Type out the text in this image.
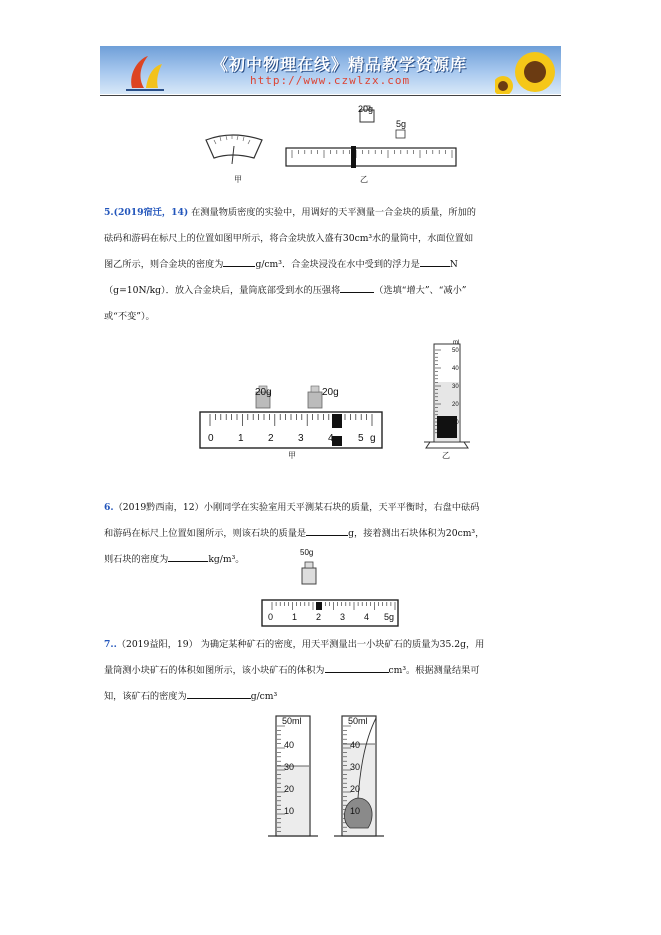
《初中物理在线》精品教学资源库
http://www.czwlzx.com
20g
5g
甲	乙
5.(2019宿迁，14) 在测量物质密度的实验中，用调好的天平测量一合金块的质量，所加的
砝码和游码在标尺上的位置如图甲所示，将合金块放入盛有30cm³水的量筒中，水面位置如
图乙所示，则合金块的密度为	g/cm³．合金块浸没在水中受到的浮力是	N
（g=10N/kg）．放入合金块后，量筒底部受到水的压强将	（选填“增大”、“减小”
或“不变”）。
20g	20g
0 1 2 3 4 5 g
甲
ml
50
40
30
20
10
乙
6.（2019黔西南，12）小刚同学在实验室用天平测某石块的质量，天平平衡时，右盘中砝码
和游码在标尺上位置如图所示，则该石块的质量是	g，接着测出石块体积为20cm³，
则石块的密度为	kg/m³。
50g
0 1 2 3 4 5g
7..（2019益阳，19） 为确定某种矿石的密度，用天平测量出一小块矿石的质量为35.2g，用
量筒测小块矿石的体积如图所示，该小块矿石的体积为	cm³。根据测量结果可
知，该矿石的密度为	g/cm³
50ml
40
30
20
10
50ml
40
30
20
10
